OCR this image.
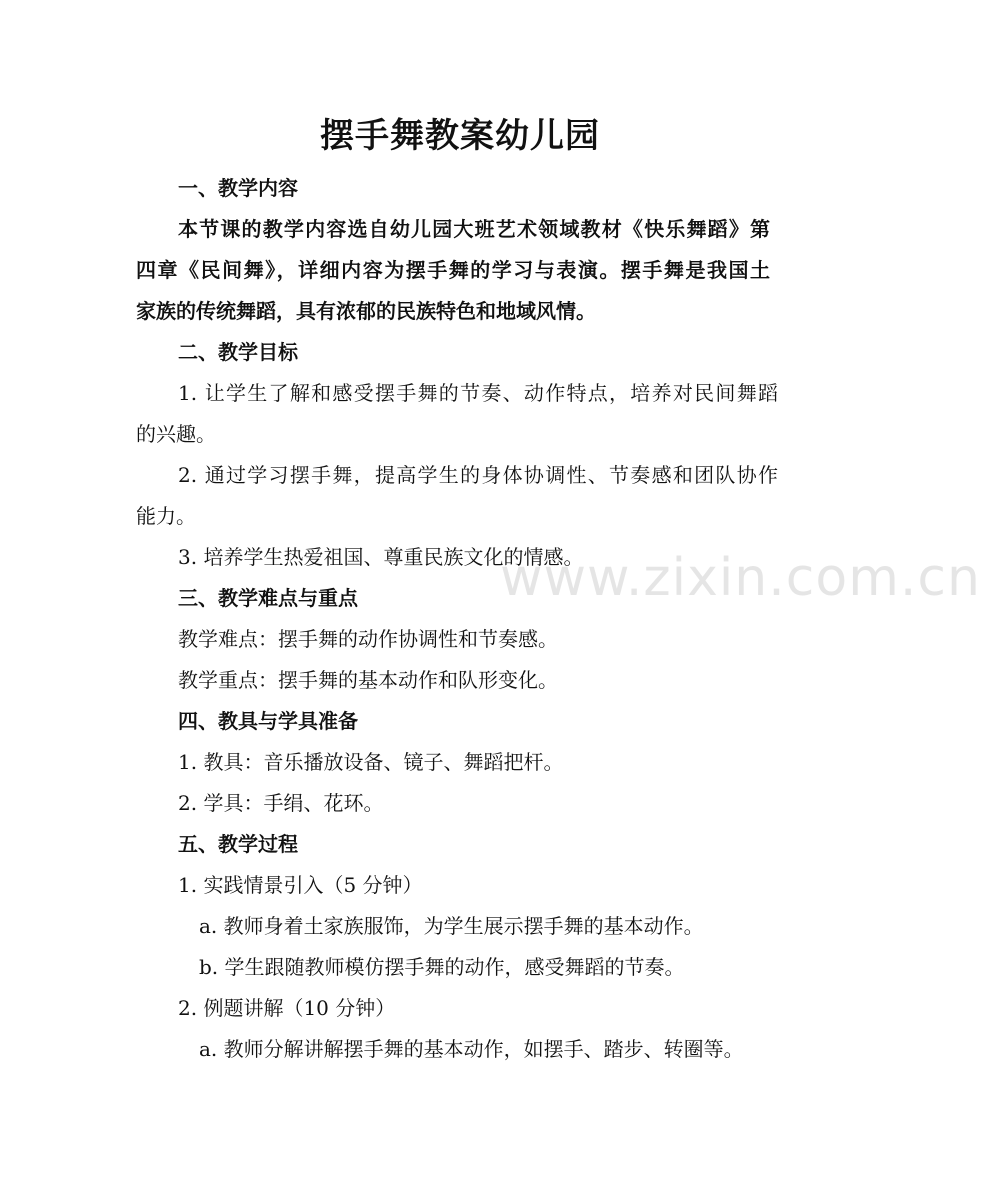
www.zixin.com.cn
摆手舞教案幼儿园
一、教学内容
本节课的教学内容选自幼儿园大班艺术领域教材《快乐舞蹈》第
四章《民间舞》，详细内容为摆手舞的学习与表演。摆手舞是我国土
家族的传统舞蹈，具有浓郁的民族特色和地域风情。
二、教学目标
1. 让学生了解和感受摆手舞的节奏、动作特点，培养对民间舞蹈
的兴趣。
2. 通过学习摆手舞，提高学生的身体协调性、节奏感和团队协作
能力。
3. 培养学生热爱祖国、尊重民族文化的情感。
三、教学难点与重点
教学难点：摆手舞的动作协调性和节奏感。
教学重点：摆手舞的基本动作和队形变化。
四、教具与学具准备
1. 教具：音乐播放设备、镜子、舞蹈把杆。
2. 学具：手绢、花环。
五、教学过程
1. 实践情景引入（5 分钟）
a. 教师身着土家族服饰，为学生展示摆手舞的基本动作。
b. 学生跟随教师模仿摆手舞的动作，感受舞蹈的节奏。
2. 例题讲解（10 分钟）
a. 教师分解讲解摆手舞的基本动作，如摆手、踏步、转圈等。
